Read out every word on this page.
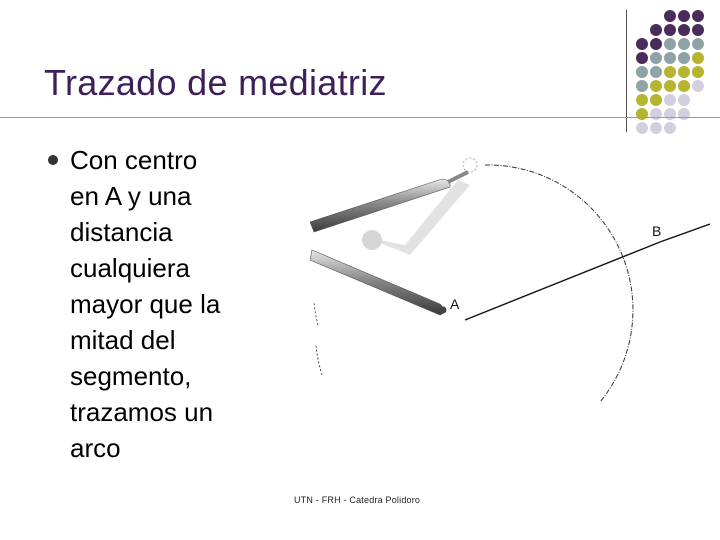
Trazado de mediatriz

Con centro
en A y una
distancia
cualquiera
mayor que la
mitad del
segmento,
trazamos un
arco

A
B
UTN - FRH - Catedra Polidoro
